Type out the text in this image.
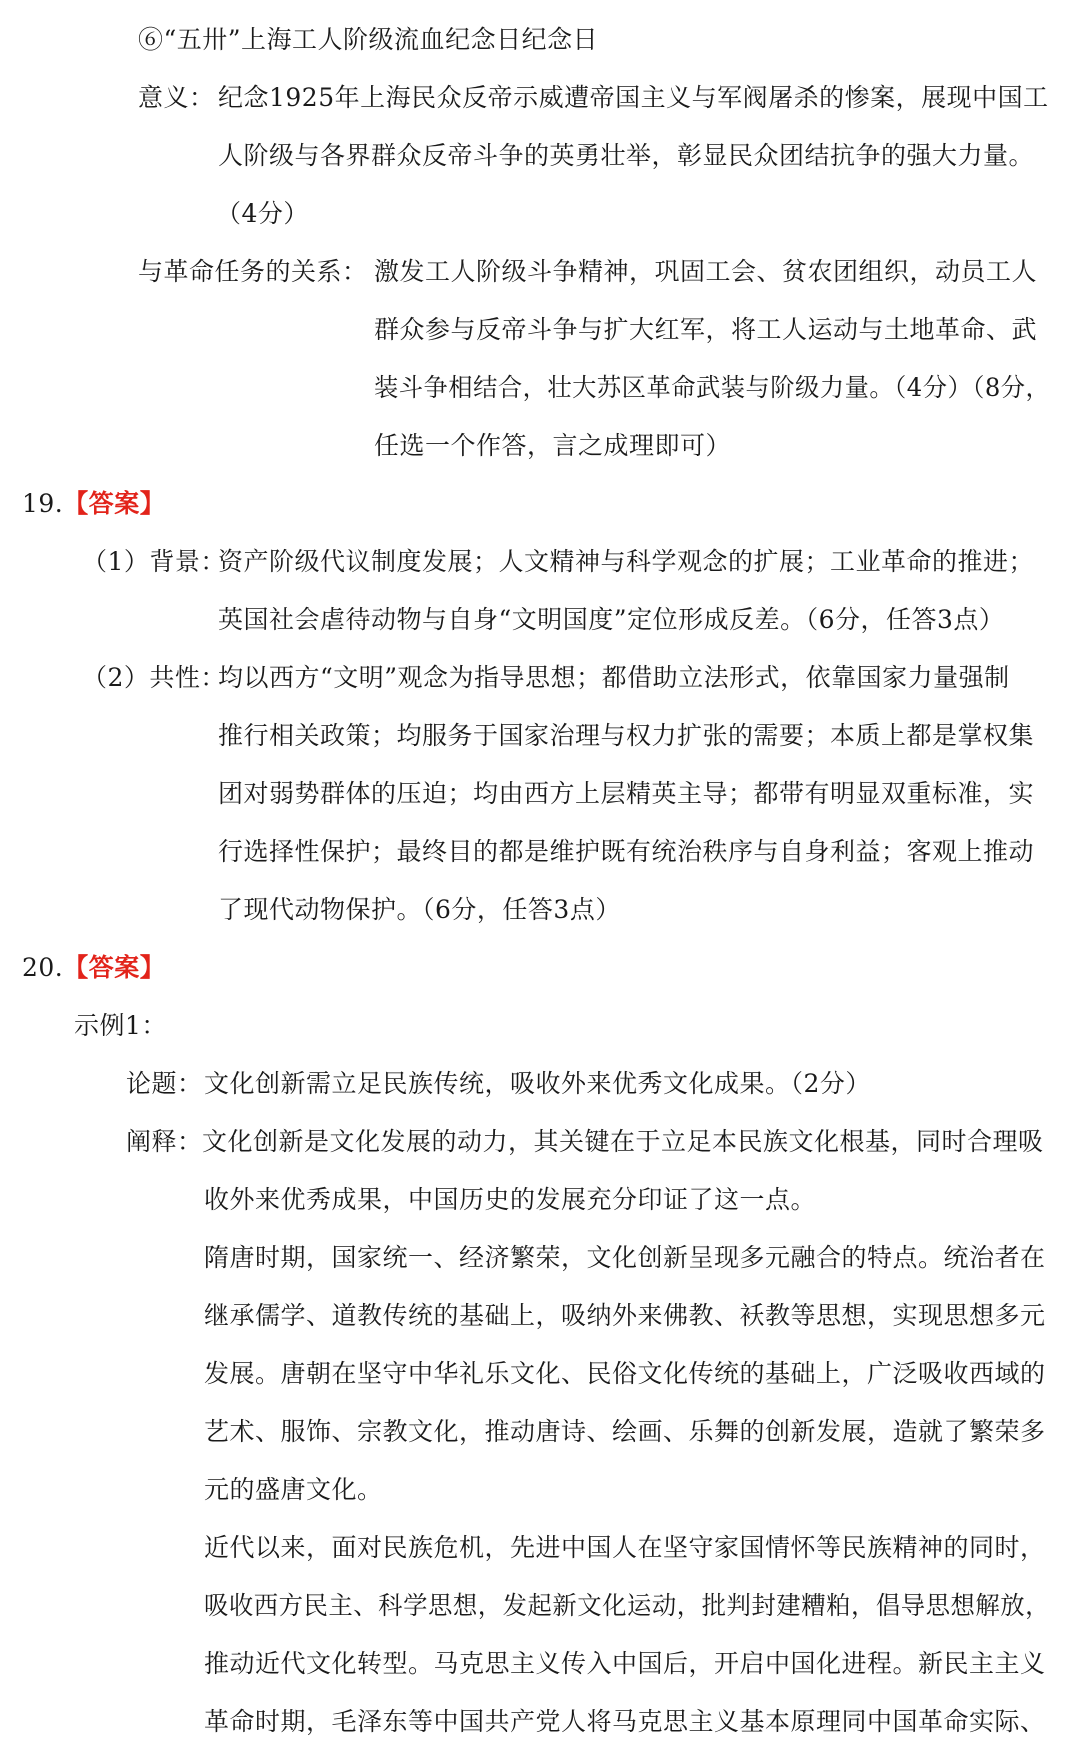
⑥“五卅”上海工人阶级流血纪念日纪念日
意义： 纪念1925年上海民众反帝示威遭帝国主义与军阀屠杀的惨案，展现中国工
人阶级与各界群众反帝斗争的英勇壮举，彰显民众团结抗争的强大力量。
（4分）
与革命任务的关系： 激发工人阶级斗争精神，巩固工会、贫农团组织，动员工人
群众参与反帝斗争与扩大红军，将工人运动与土地革命、武
装斗争相结合，壮大苏区革命武装与阶级力量。（4分）（8分，
任选一个作答，言之成理即可）
19.【答案】
（1）背景：
资产阶级代议制度发展；人文精神与科学观念的扩展；工业革命的推进；
英国社会虐待动物与自身“文明国度”定位形成反差。（6分，任答3点）
（2）共性：
均以西方“文明”观念为指导思想；都借助立法形式，依靠国家力量强制
推行相关政策；均服务于国家治理与权力扩张的需要；本质上都是掌权集
团对弱势群体的压迫；均由西方上层精英主导；都带有明显双重标准，实
行选择性保护；最终目的都是维护既有统治秩序与自身利益；客观上推动
了现代动物保护。（6分，任答3点）
20.【答案】
示例1：
论题： 文化创新需立足民族传统，吸收外来优秀文化成果。（2分）
阐释： 文化创新是文化发展的动力，其关键在于立足本民族文化根基，同时合理吸
收外来优秀成果，中国历史的发展充分印证了这一点。
隋唐时期，国家统一、经济繁荣，文化创新呈现多元融合的特点。统治者在
继承儒学、道教传统的基础上，吸纳外来佛教、袄教等思想，实现思想多元
发展。唐朝在坚守中华礼乐文化、民俗文化传统的基础上，广泛吸收西域的
艺术、服饰、宗教文化，推动唐诗、绘画、乐舞的创新发展，造就了繁荣多
元的盛唐文化。
近代以来，面对民族危机，先进中国人在坚守家国情怀等民族精神的同时，
吸收西方民主、科学思想，发起新文化运动，批判封建糟粕，倡导思想解放，
推动近代文化转型。马克思主义传入中国后，开启中国化进程。新民主主义
革命时期，毛泽东等中国共产党人将马克思主义基本原理同中国革命实际、
